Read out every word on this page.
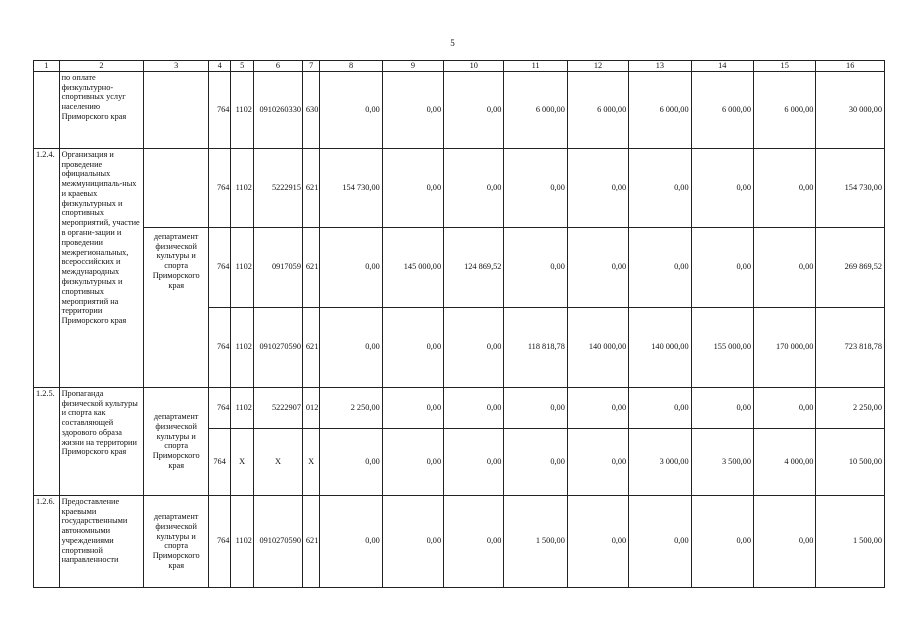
5
1	2	3	4	5	6	7	8	9	10	11	12	13	14	15	16
	по оплате физкультурно-спортивных услуг населению Приморского края		764	1102	0910260330	630	0,00	0,00	0,00	6 000,00	6 000,00	6 000,00	6 000,00	6 000,00	30 000,00
1.2.4.	Организация и проведение официальных межмуниципаль-ных и краевых физкультурных и спортивных мероприятий, участие в органи-зации и проведении межрегиональных, всероссийских и международных физкультурных и спортивных мероприятий на территории Приморского края		764	1102	5222915	621	154 730,00	0,00	0,00	0,00	0,00	0,00	0,00	0,00	154 730,00
		департамент физической культуры и спорта Приморского края	764	1102	0917059	621	0,00	145 000,00	124 869,52	0,00	0,00	0,00	0,00	0,00	269 869,52
			764	1102	0910270590	621	0,00	0,00	0,00	118 818,78	140 000,00	140 000,00	155 000,00	170 000,00	723 818,78
1.2.5.	Пропаганда физической культуры и спорта как составляющей здорового образа жизни на территории Приморского края	департамент физической культуры и спорта Приморского края	764	1102	5222907	012	2 250,00	0,00	0,00	0,00	0,00	0,00	0,00	0,00	2 250,00
			764	X	X	X	0,00	0,00	0,00	0,00	0,00	3 000,00	3 500,00	4 000,00	10 500,00
1.2.6.	Предоставление краевыми государственными автономными учреждениями спортивной направленности	департамент физической культуры и спорта Приморского края	764	1102	0910270590	621	0,00	0,00	0,00	1 500,00	0,00	0,00	0,00	0,00	1 500,00
